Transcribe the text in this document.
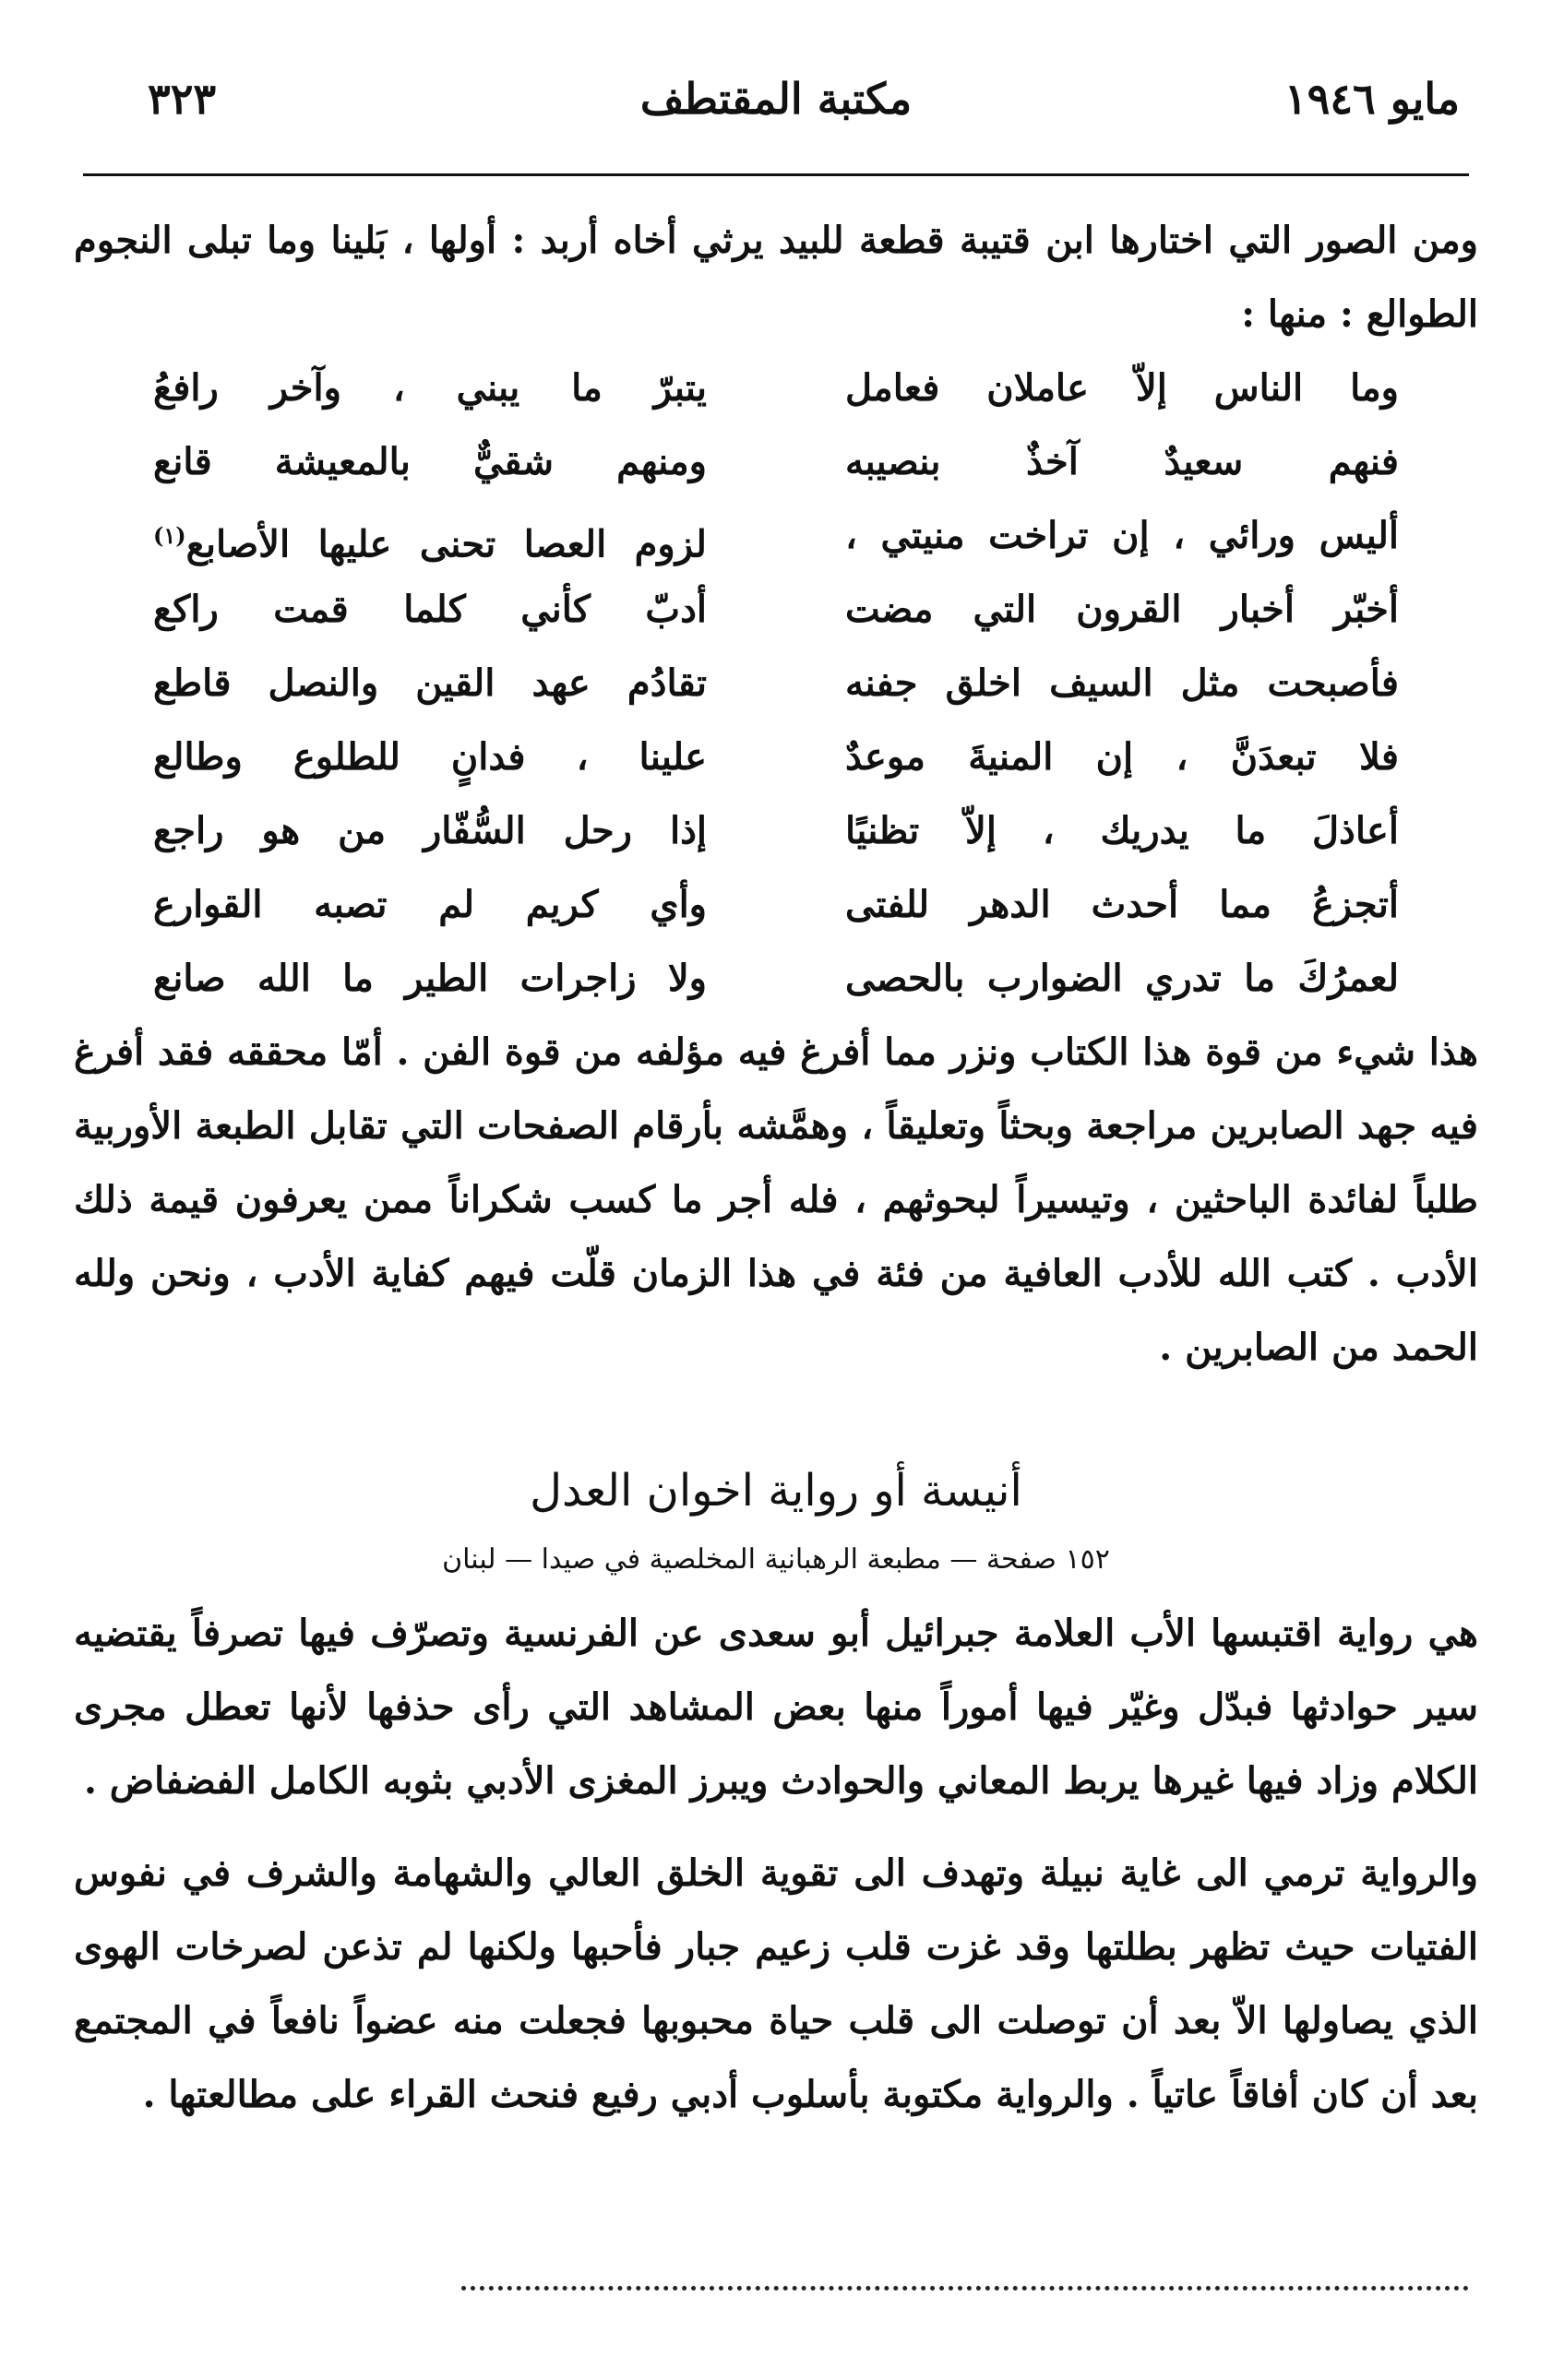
مايو ١٩٤٦
مكتبة المقتطف
٣٢٣

ومن الصور التي اختارها ابن قتيبة قطعة للبيد يرثي أخاه أربد : أولها ، بَلينا وما تبلى النجوم الطوالع : منها :

وما الناس إلاّ عاملان فعامل
يتبرّ ما يبني ، وآخر رافعُ
فنهم سعيدٌ آخذٌ بنصيبه
ومنهم شقيٌّ بالمعيشة قانع
أليس ورائي ، إن تراخت منيتي ،
لزوم العصا تحنى عليها الأصابع$^{(١)}$
أخبّر أخبار القرون التي مضت
أدبّ كأني كلما قمت راكع
فأصبحت مثل السيف اخلق جفنه
تقادُم عهد القين والنصل قاطع
فلا تبعدَنَّ ، إن المنيةَ موعدٌ
علينا ، فدانٍ للطلوع وطالع
أعاذلَ ما يدريك ، إلاّ تظنيًا
إذا رحل السُّفّار من هو راجع
أتجزعُ مما أحدث الدهر للفتى
وأي كريم لم تصبه القوارع
لعمرُكَ ما تدري الضوارب بالحصى
ولا زاجرات الطير ما الله صانع

هذا شيء من قوة هذا الكتاب ونزر مما أفرغ فيه مؤلفه من قوة الفن . أمّا محققه فقد أفرغ فيه جهد الصابرين مراجعة وبحثاً وتعليقاً ، وهمَّشه بأرقام الصفحات التي تقابل الطبعة الأوربية طلباً لفائدة الباحثين ، وتيسيراً لبحوثهم ، فله أجر ما كسب شكراناً ممن يعرفون قيمة ذلك الأدب . كتب الله للأدب العافية من فئة في هذا الزمان قلّت فيهم كفاية الأدب ، ونحن ولله الحمد من الصابرين .

أنيسة أو رواية اخوان العدل
١٥٢ صفحة — مطبعة الرهبانية المخلصية في صيدا — لبنان

هي رواية اقتبسها الأب العلامة جبرائيل أبو سعدى عن الفرنسية وتصرّف فيها تصرفاً يقتضيه سير حوادثها فبدّل وغيّر فيها أموراً منها بعض المشاهد التي رأى حذفها لأنها تعطل مجرى الكلام وزاد فيها غيرها يربط المعاني والحوادث ويبرز المغزى الأدبي بثوبه الكامل الفضفاض .

والرواية ترمي الى غاية نبيلة وتهدف الى تقوية الخلق العالي والشهامة والشرف في نفوس الفتيات حيث تظهر بطلتها وقد غزت قلب زعيم جبار فأحبها ولكنها لم تذعن لصرخات الهوى الذي يصاولها الاّ بعد أن توصلت الى قلب حياة محبوبها فجعلت منه عضواً نافعاً في المجتمع بعد أن كان أفاقاً عاتياً . والرواية مكتوبة بأسلوب أدبي رفيع فنحث القراء على مطالعتها .
